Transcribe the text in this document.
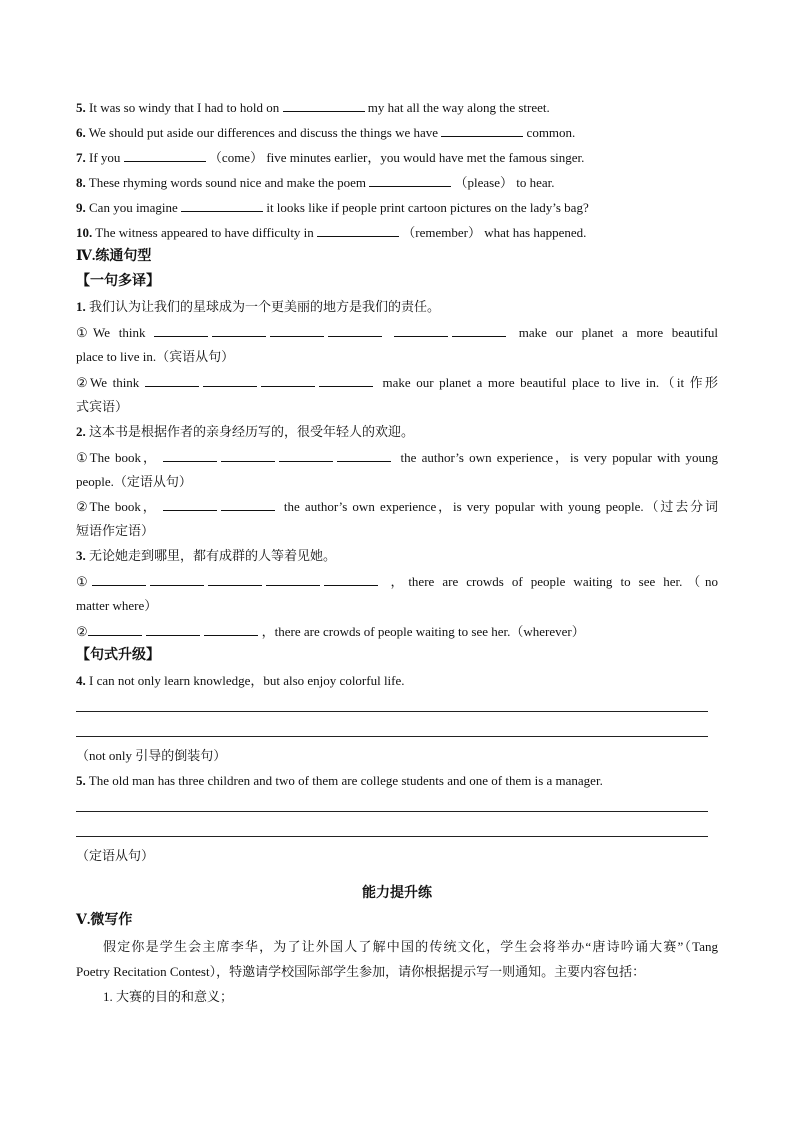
5. It was so windy that I had to hold on	my hat all the way along the street.
6. We should put aside our differences and discuss the things we have	common.
7. If you	（come） five minutes earlier，you would have met the famous singer.
8. These rhyming words sound nice and make the poem	（please） to hear.
9. Can you imagine	it looks like if people print cartoon pictures on the lady’s bag?
10. The witness appeared to have difficulty in	（remember） what has happened.
Ⅳ.练通句型
【一句多译】
1. 我们认为让我们的星球成为一个更美丽的地方是我们的责任。
①We think	make our planet a more beautiful
place to live in.（宾语从句）
②We think	make our planet a more beautiful place to live in.（it 作形
式宾语）
2. 这本书是根据作者的亲身经历写的，很受年轻人的欢迎。
①The book，	the author’s own experience，is very popular with young
people.（定语从句）
②The book，	the author’s own experience，is very popular with young people.（过去分词
短语作定语）
3. 无论她走到哪里，都有成群的人等着见她。
①	，there are crowds of people waiting to see her.（no
matter where）
②	，there are crowds of people waiting to see her.（wherever）
【句式升级】
4. I can not only learn knowledge，but also enjoy colorful life.
（not only 引导的倒装句）
5. The old man has three children and two of them are college students and one of them is a manager.
（定语从句）
能力提升练
Ⅴ.微写作
假定你是学生会主席李华，为了让外国人了解中国的传统文化，学生会将举办“唐诗吟诵大赛”（Tang
Poetry Recitation Contest），特邀请学校国际部学生参加，请你根据提示写一则通知。主要内容包括：
1. 大赛的目的和意义；
